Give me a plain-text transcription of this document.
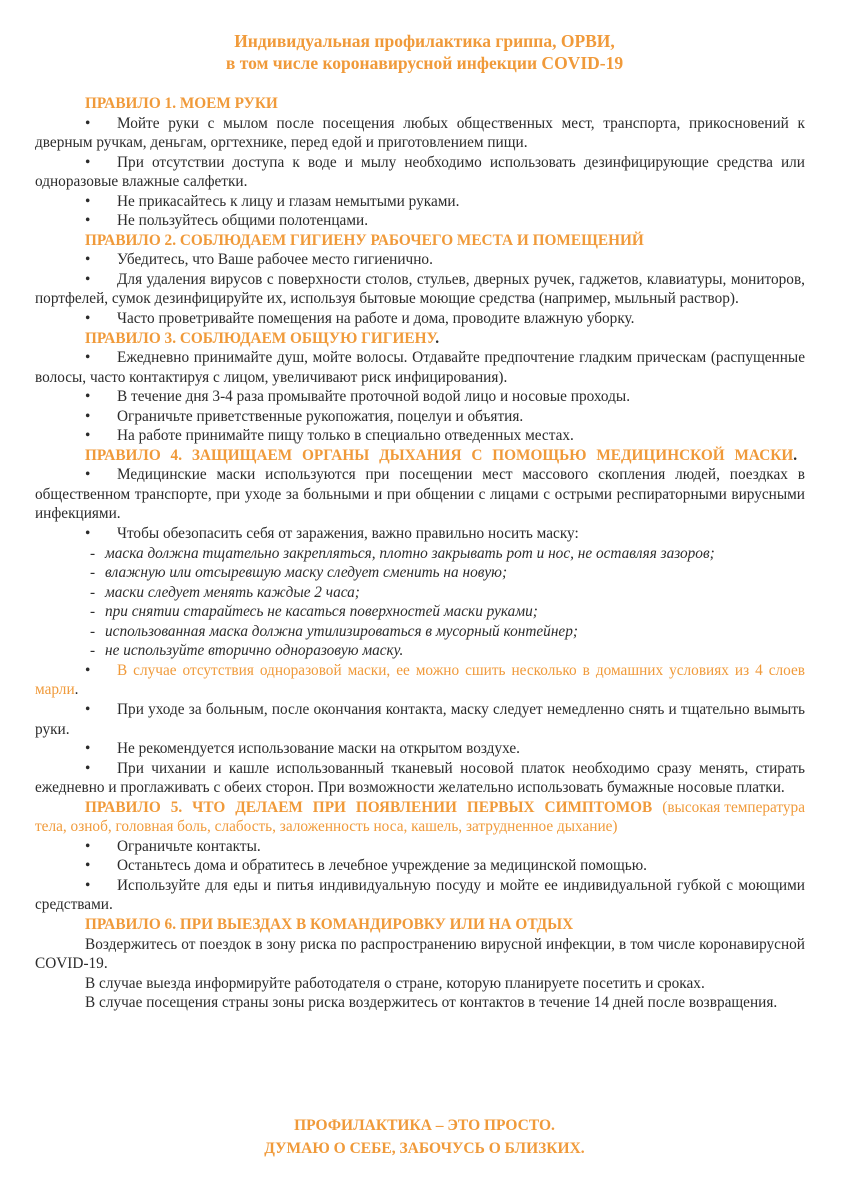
Индивидуальная профилактика гриппа, ОРВИ,
в том числе коронавирусной инфекции COVID-19
ПРАВИЛО 1. МОЕМ РУКИ

• Мойте руки с мылом после посещения любых общественных мест, транспорта, прикосновений к дверным ручкам, деньгам, оргтехнике, перед едой и приготовлением пищи.

• При отсутствии доступа к воде и мылу необходимо использовать дезинфицирующие средства или одноразовые влажные салфетки.

• Не прикасайтесь к лицу и глазам немытыми руками.

• Не пользуйтесь общими полотенцами.

ПРАВИЛО 2. СОБЛЮДАЕМ ГИГИЕНУ РАБОЧЕГО МЕСТА И ПОМЕЩЕНИЙ

• Убедитесь, что Ваше рабочее место гигиенично.

• Для удаления вирусов с поверхности столов, стульев, дверных ручек, гаджетов, клавиатуры, мониторов, портфелей, сумок дезинфицируйте их, используя бытовые моющие средства (например, мыльный раствор).

• Часто проветривайте помещения на работе и дома, проводите влажную уборку.

ПРАВИЛО 3. СОБЛЮДАЕМ ОБЩУЮ ГИГИЕНУ.

• Ежедневно принимайте душ, мойте волосы. Отдавайте предпочтение гладким прическам (распущенные волосы, часто контактируя с лицом, увеличивают риск инфицирования).

• В течение дня 3-4 раза промывайте проточной водой лицо и носовые проходы.

• Ограничьте приветственные рукопожатия, поцелуи и объятия.

• На работе принимайте пищу только в специально отведенных местах.

ПРАВИЛО 4. ЗАЩИЩАЕМ ОРГАНЫ ДЫХАНИЯ С ПОМОЩЬЮ МЕДИЦИНСКОЙ МАСКИ.

• Медицинские маски используются при посещении мест массового скопления людей, поездках в общественном транспорте, при уходе за больными и при общении с лицами с острыми респираторными вирусными инфекциями.

• Чтобы обезопасить себя от заражения, важно правильно носить маску:

- маска должна тщательно закрепляться, плотно закрывать рот и нос, не оставляя зазоров;
- влажную или отсыревшую маску следует сменить на новую;
- маски следует менять каждые 2 часа;
- при снятии старайтесь не касаться поверхностей маски руками;
- использованная маска должна утилизироваться в мусорный контейнер;
- не используйте вторично одноразовую маску.

• В случае отсутствия одноразовой маски, ее можно сшить несколько в домашних условиях из 4 слоев марли.

• При уходе за больным, после окончания контакта, маску следует немедленно снять и тщательно вымыть руки.

• Не рекомендуется использование маски на открытом воздухе.

• При чихании и кашле использованный тканевый носовой платок необходимо сразу менять, стирать ежедневно и проглаживать с обеих сторон. При возможности желательно использовать бумажные носовые платки.

ПРАВИЛО 5. ЧТО ДЕЛАЕМ ПРИ ПОЯВЛЕНИИ ПЕРВЫХ СИМПТОМОВ (высокая температура тела, озноб, головная боль, слабость, заложенность носа, кашель, затрудненное дыхание)

• Ограничьте контакты.

• Останьтесь дома и обратитесь в лечебное учреждение за медицинской помощью.

• Используйте для еды и питья индивидуальную посуду и мойте ее индивидуальной губкой с моющими средствами.

ПРАВИЛО 6. ПРИ ВЫЕЗДАХ В КОМАНДИРОВКУ ИЛИ НА ОТДЫХ

Воздержитесь от поездок в зону риска по распространению вирусной инфекции, в том числе коронавирусной COVID-19.

В случае выезда информируйте работодателя о стране, которую планируете посетить и сроках.

В случае посещения страны зоны риска воздержитесь от контактов в течение 14 дней после возвращения.

ПРОФИЛАКТИКА – ЭТО ПРОСТО.
ДУМАЮ О СЕБЕ, ЗАБОЧУСЬ О БЛИЗКИХ.
